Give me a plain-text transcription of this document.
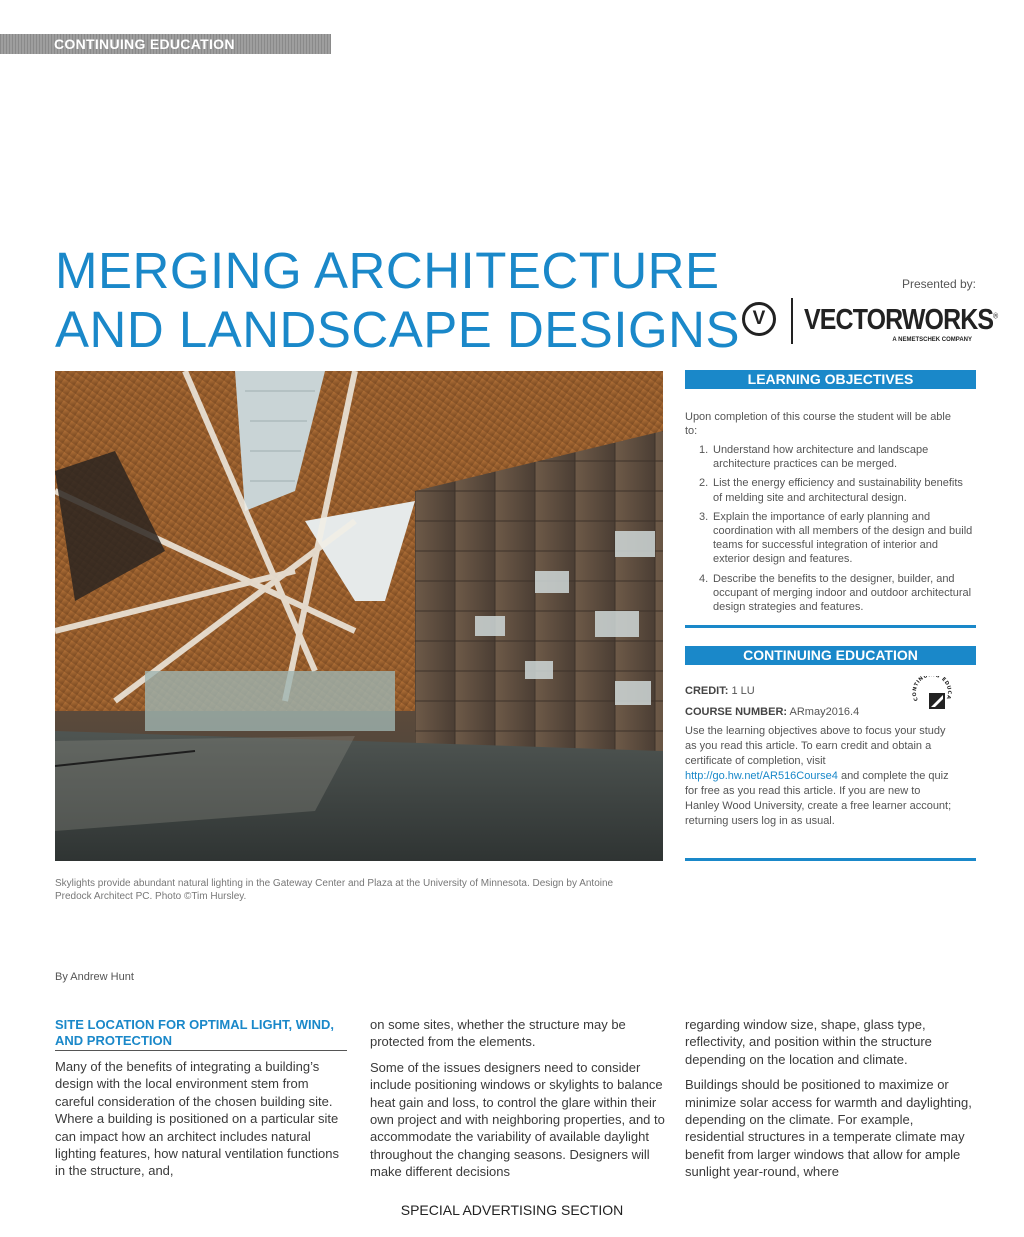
CONTINUING EDUCATION
MERGING ARCHITECTURE
AND LANDSCAPE DESIGNS
Presented by:
V VECTORWORKS®
A NEMETSCHEK COMPANY
Skylights provide abundant natural lighting in the Gateway Center and Plaza at the University of Minnesota. Design by Antoine Predock Architect PC. Photo ©Tim Hursley.
LEARNING OBJECTIVES
Upon completion of this course the student will be able to:
1. Understand how architecture and landscape architecture practices can be merged.
2. List the energy efficiency and sustainability benefits of melding site and architectural design.
3. Explain the importance of early planning and coordination with all members of the design and build teams for successful integration of interior and exterior design and features.
4. Describe the benefits to the designer, builder, and occupant of merging indoor and outdoor architectural design strategies and features.
CONTINUING EDUCATION
CREDIT: 1 LU
COURSE NUMBER: ARmay2016.4
Use the learning objectives above to focus your study as you read this article. To earn credit and obtain a certificate of completion, visit http://go.hw.net/AR516Course4 and complete the quiz for free as you read this article. If you are new to Hanley Wood University, create a free learner account; returning users log in as usual.
CONTINU G EDUCA
By Andrew Hunt
SITE LOCATION FOR OPTIMAL LIGHT, WIND, AND PROTECTION

Many of the benefits of integrating a building’s design with the local environment stem from careful consideration of the chosen building site. Where a building is positioned on a particular site can impact how an architect includes natural lighting features, how natural ventilation functions in the structure, and,

on some sites, whether the structure may be protected from the elements.

Some of the issues designers need to consider include positioning windows or skylights to balance heat gain and loss, to control the glare within their own project and with neighboring properties, and to accommodate the variability of available daylight throughout the changing seasons. Designers will make different decisions

regarding window size, shape, glass type, reflectivity, and position within the structure depending on the location and climate.

Buildings should be positioned to maximize or minimize solar access for warmth and daylighting, depending on the climate. For example, residential structures in a temperate climate may benefit from larger windows that allow for ample sunlight year-round, where

SPECIAL ADVERTISING SECTION
